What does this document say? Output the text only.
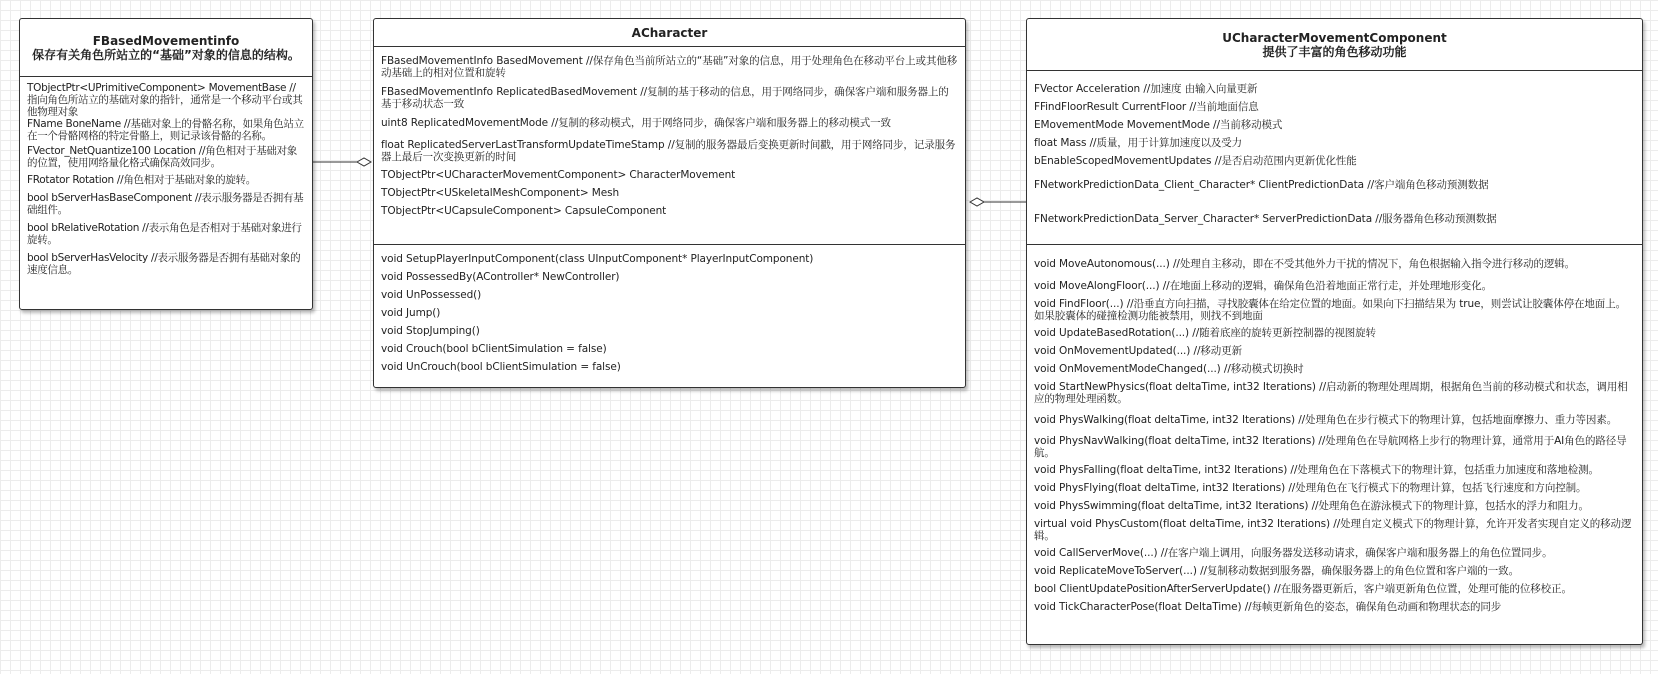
FBasedMovementinfo
保存有关角色所站立的“基础”对象的信息的结构。

TObjectPtr<UPrimitiveComponent> MovementBase //指向角色所站立的基础对象的指针，通常是一个移动平台或其他物理对象

FName BoneName //基础对象上的骨骼名称，如果角色站立在一个骨骼网格的特定骨骼上，则记录该骨骼的名称。

FVector_NetQuantize100 Location //角色相对于基础对象的位置，使用网络量化格式确保高效同步。

FRotator Rotation //角色相对于基础对象的旋转。

bool bServerHasBaseComponent //表示服务器是否拥有基础组件。

bool bRelativeRotation //表示角色是否相对于基础对象进行旋转。

bool bServerHasVelocity //表示服务器是否拥有基础对象的速度信息。

ACharacter

FBasedMovementInfo BasedMovement //保存角色当前所站立的“基础”对象的信息，用于处理角色在移动平台上或其他移动基础上的相对位置和旋转

FBasedMovementInfo ReplicatedBasedMovement //复制的基于移动的信息，用于网络同步，确保客户端和服务器上的基于移动状态一致

uint8 ReplicatedMovementMode //复制的移动模式，用于网络同步，确保客户端和服务器上的移动模式一致

float ReplicatedServerLastTransformUpdateTimeStamp //复制的服务器最后变换更新时间戳，用于网络同步，记录服务器上最后一次变换更新的时间

TObjectPtr<UCharacterMovementComponent> CharacterMovement

TObjectPtr<USkeletalMeshComponent> Mesh

TObjectPtr<UCapsuleComponent> CapsuleComponent

void SetupPlayerInputComponent(class UInputComponent* PlayerInputComponent)

void PossessedBy(AController* NewController)

void UnPossessed()

void Jump()

void StopJumping()

void Crouch(bool bClientSimulation = false)

void UnCrouch(bool bClientSimulation = false)

UCharacterMovementComponent
提供了丰富的角色移动功能

FVector Acceleration //加速度 由输入向量更新

FFindFloorResult CurrentFloor //当前地面信息

EMovementMode MovementMode //当前移动模式

float Mass //质量，用于计算加速度以及受力

bEnableScopedMovementUpdates //是否启动范围内更新优化性能

FNetworkPredictionData_Client_Character* ClientPredictionData //客户端角色移动预测数据

FNetworkPredictionData_Server_Character* ServerPredictionData //服务器角色移动预测数据

void MoveAutonomous(...) //处理自主移动，即在不受其他外力干扰的情况下，角色根据输入指令进行移动的逻辑。

void MoveAlongFloor(...) //在地面上移动的逻辑，确保角色沿着地面正常行走，并处理地形变化。

void FindFloor(...) //沿垂直方向扫描，寻找胶囊体在给定位置的地面。如果向下扫描结果为 true，则尝试让胶囊体停在地面上。如果胶囊体的碰撞检测功能被禁用，则找不到地面

void UpdateBasedRotation(...) //随着底座的旋转更新控制器的视图旋转

void OnMovementUpdated(...) //移动更新

void OnMovementModeChanged(...) //移动模式切换时

void StartNewPhysics(float deltaTime, int32 Iterations) //启动新的物理处理周期，根据角色当前的移动模式和状态，调用相应的物理处理函数。

void PhysWalking(float deltaTime, int32 Iterations) //处理角色在步行模式下的物理计算，包括地面摩擦力、重力等因素。

void PhysNavWalking(float deltaTime, int32 Iterations) //处理角色在导航网格上步行的物理计算，通常用于AI角色的路径导航。

void PhysFalling(float deltaTime, int32 Iterations) //处理角色在下落模式下的物理计算，包括重力加速度和落地检测。

void PhysFlying(float deltaTime, int32 Iterations) //处理角色在飞行模式下的物理计算，包括飞行速度和方向控制。

void PhysSwimming(float deltaTime, int32 Iterations) //处理角色在游泳模式下的物理计算，包括水的浮力和阻力。

virtual void PhysCustom(float deltaTime, int32 Iterations) //处理自定义模式下的物理计算，允许开发者实现自定义的移动逻辑。

void CallServerMove(...) //在客户端上调用，向服务器发送移动请求，确保客户端和服务器上的角色位置同步。

void ReplicateMoveToServer(...) //复制移动数据到服务器，确保服务器上的角色位置和客户端的一致。

bool ClientUpdatePositionAfterServerUpdate() //在服务器更新后，客户端更新角色位置，处理可能的位移校正。

void TickCharacterPose(float DeltaTime) //每帧更新角色的姿态，确保角色动画和物理状态的同步
